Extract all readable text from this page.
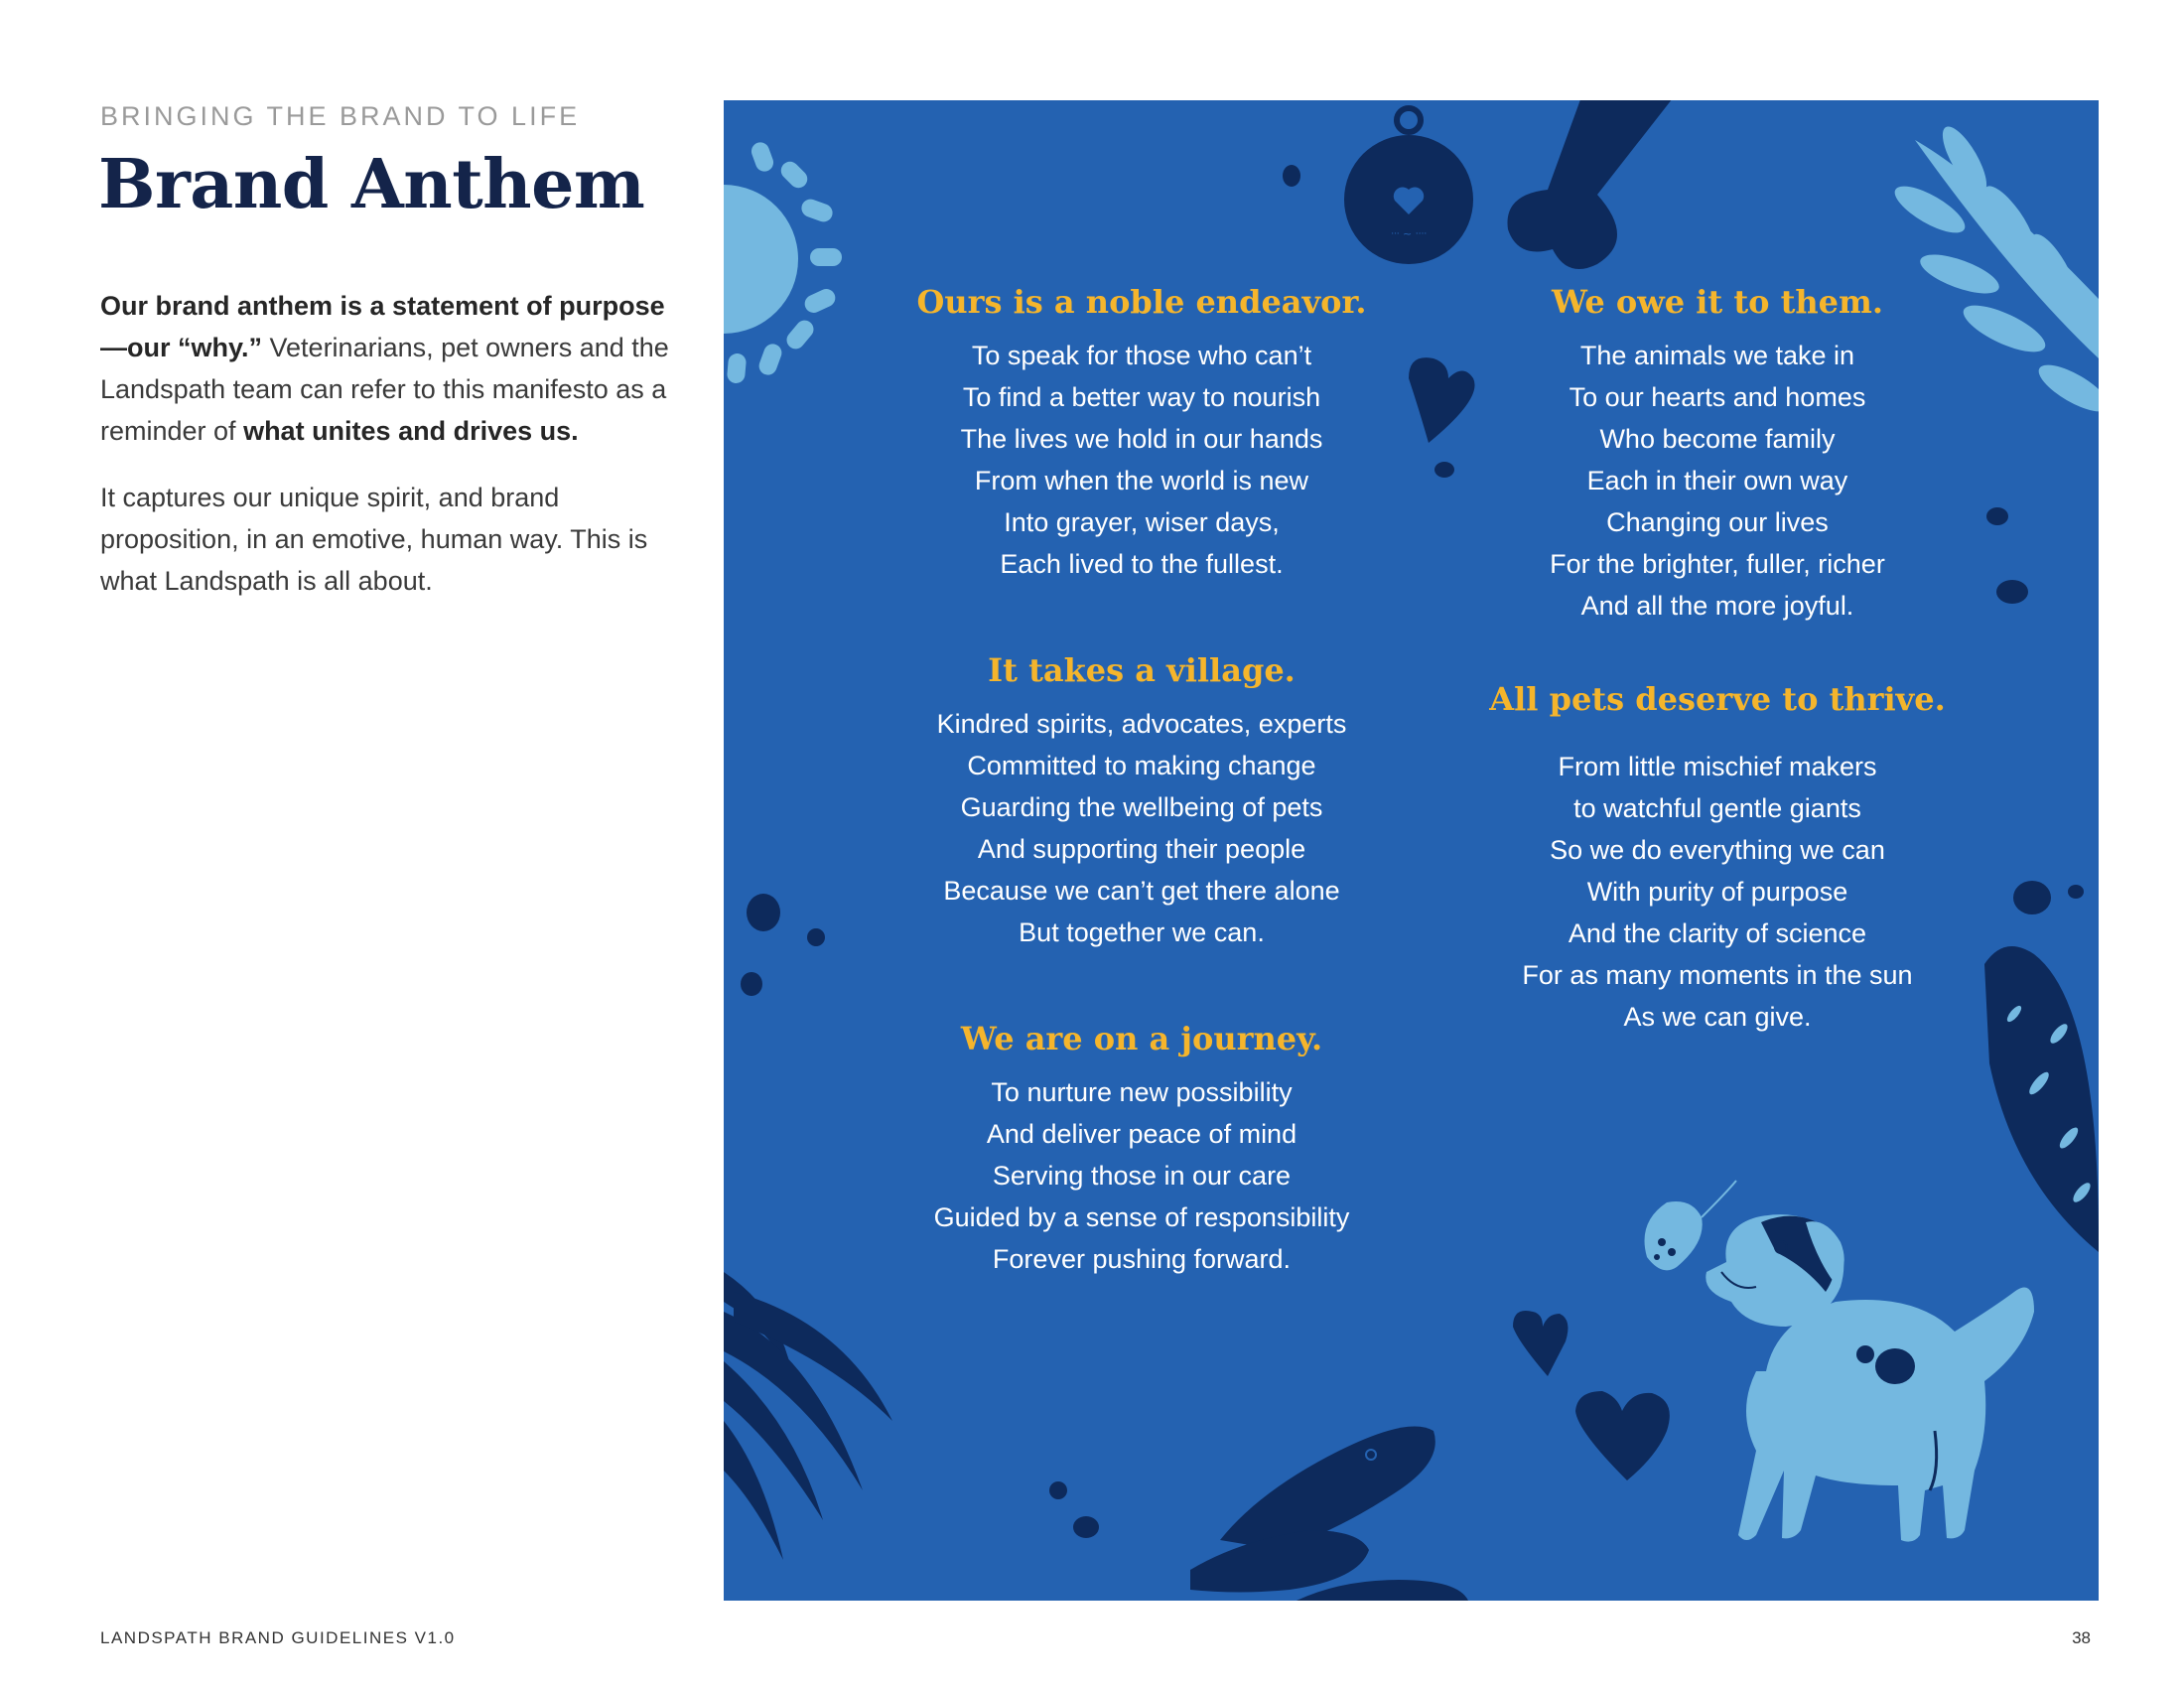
BRINGING THE BRAND TO LIFE
Brand Anthem

Our brand anthem is a statement of purpose—our “why.” Veterinarians, pet owners and the Landspath team can refer to this manifesto as a reminder of what unites and drives us.

It captures our unique spirit, and brand proposition, in an emotive, human way. This is what Landspath is all about.

ᐧᐧᐧ ~ ᐧᐧᐧᐧ
Ours is a noble endeavor.
To speak for those who can’t
To find a better way to nourish
The lives we hold in our hands
From when the world is new
Into grayer, wiser days,
Each lived to the fullest.
It takes a village.
Kindred spirits, advocates, experts
Committed to making change
Guarding the wellbeing of pets
And supporting their people
Because we can’t get there alone
But together we can.
We are on a journey.
To nurture new possibility
And deliver peace of mind
Serving those in our care
Guided by a sense of responsibility
Forever pushing forward.
We owe it to them.
The animals we take in
To our hearts and homes
Who become family
Each in their own way
Changing our lives
For the brighter, fuller, richer
And all the more joyful.
All pets deserve to thrive.
From little mischief makers
to watchful gentle giants
So we do everything we can
With purity of purpose
And the clarity of science
For as many moments in the sun
As we can give.
LANDSPATH BRAND GUIDELINES V1.0	38
